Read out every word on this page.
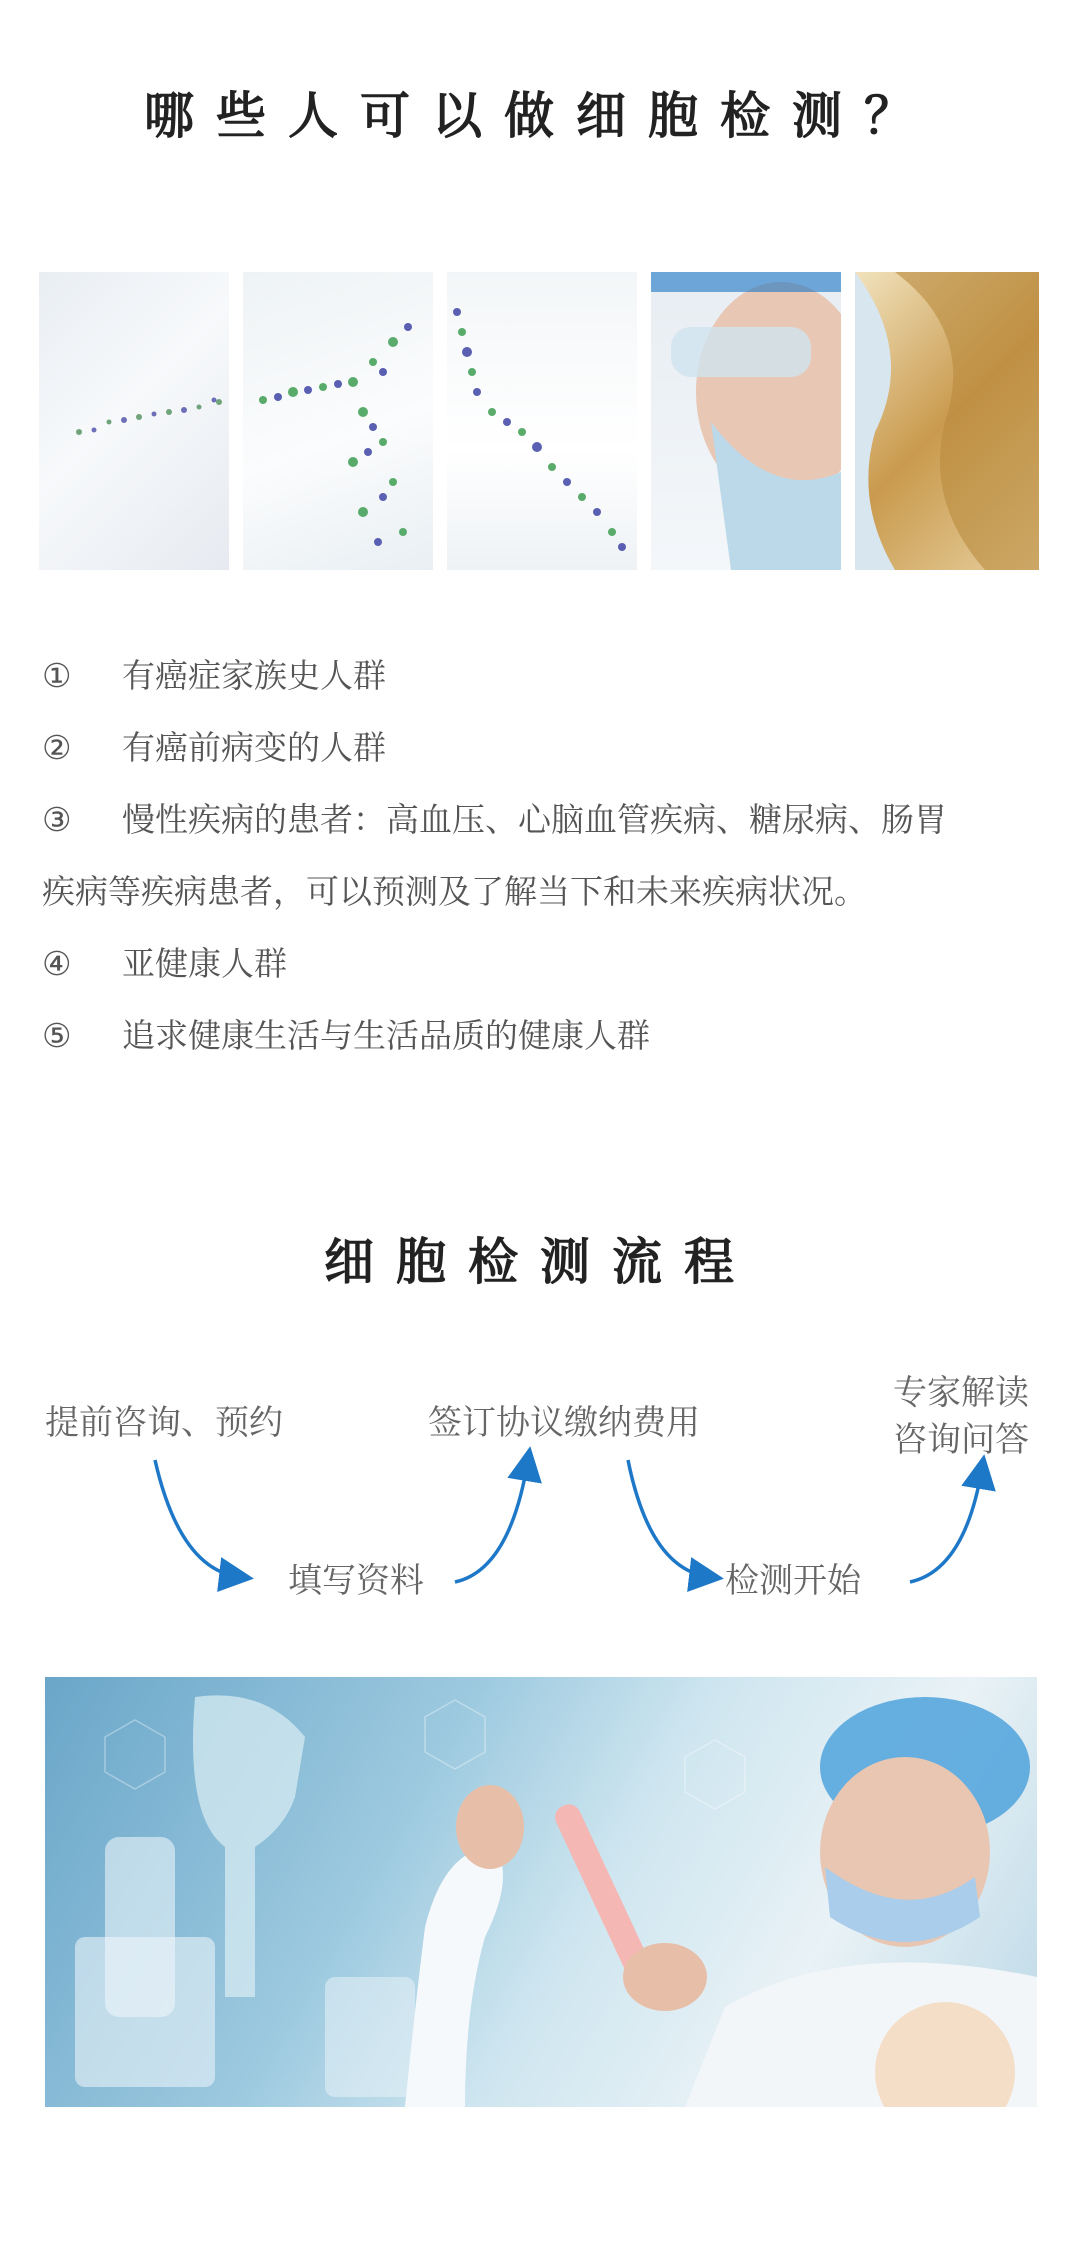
哪些人可以做细胞检测？
① 有癌症家族史人群
② 有癌前病变的人群
③ 慢性疾病的患者：高血压、心脑血管疾病、糖尿病、肠胃
疾病等疾病患者，可以预测及了解当下和未来疾病状况。
④ 亚健康人群
⑤ 追求健康生活与生活品质的健康人群
细胞检测流程
提前咨询、预约
填写资料
签订协议缴纳费用
检测开始
专家解读
咨询问答
